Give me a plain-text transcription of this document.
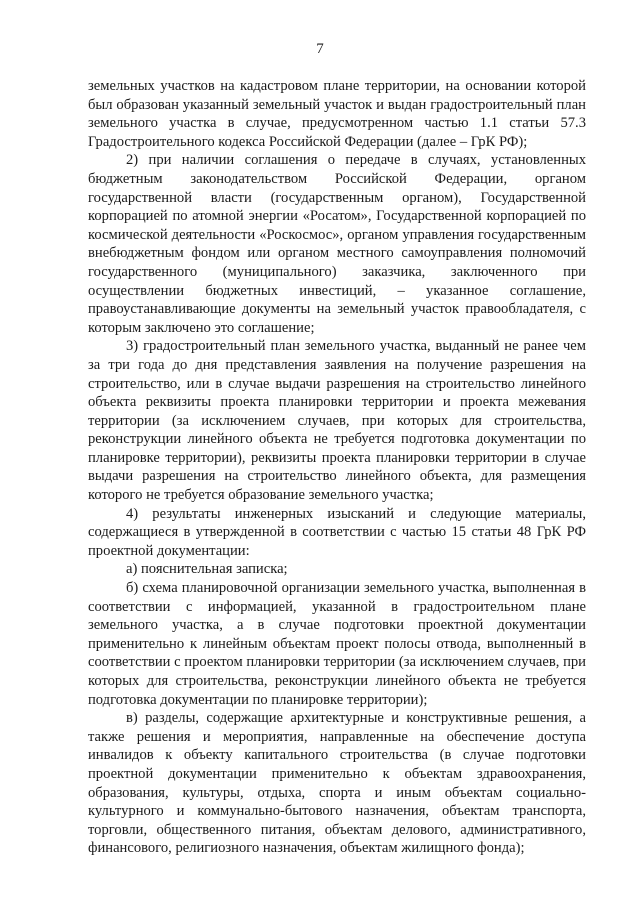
7

земельных участков на кадастровом плане территории, на основании которой был образован указанный земельный участок и выдан градостроительный план земельного участка в случае, предусмотренном частью 1.1 статьи 57.3 Градостроительного кодекса Российской Федерации (далее – ГрК РФ);

2) при наличии соглашения о передаче в случаях, установленных бюджетным законодательством Российской Федерации, органом государственной власти (государственным органом), Государственной корпорацией по атомной энергии «Росатом», Государственной корпорацией по космической деятельности «Роскосмос», органом управления государственным внебюджетным фондом или органом местного самоуправления полномочий государственного (муниципального) заказчика, заключенного при осуществлении бюджетных инвестиций, – указанное соглашение, правоустанавливающие документы на земельный участок правообладателя, с которым заключено это соглашение;

3) градостроительный план земельного участка, выданный не ранее чем за три года до дня представления заявления на получение разрешения на строительство, или в случае выдачи разрешения на строительство линейного объекта реквизиты проекта планировки территории и проекта межевания территории (за исключением случаев, при которых для строительства, реконструкции линейного объекта не требуется подготовка документации по планировке территории), реквизиты проекта планировки территории в случае выдачи разрешения на строительство линейного объекта, для размещения которого не требуется образование земельного участка;

4) результаты инженерных изысканий и следующие материалы, содержащиеся в утвержденной в соответствии с частью 15 статьи 48 ГрК РФ проектной документации:

а) пояснительная записка;

б) схема планировочной организации земельного участка, выполненная в соответствии с информацией, указанной в градостроительном плане земельного участка, а в случае подготовки проектной документации применительно к линейным объектам проект полосы отвода, выполненный в соответствии с проектом планировки территории (за исключением случаев, при которых для строительства, реконструкции линейного объекта не требуется подготовка документации по планировке территории);

в) разделы, содержащие архитектурные и конструктивные решения, а также решения и мероприятия, направленные на обеспечение доступа инвалидов к объекту капитального строительства (в случае подготовки проектной документации применительно к объектам здравоохранения, образования, культуры, отдыха, спорта и иным объектам социально-культурного и коммунально-бытового назначения, объектам транспорта, торговли, общественного питания, объектам делового, административного, финансового, религиозного назначения, объектам жилищного фонда);
